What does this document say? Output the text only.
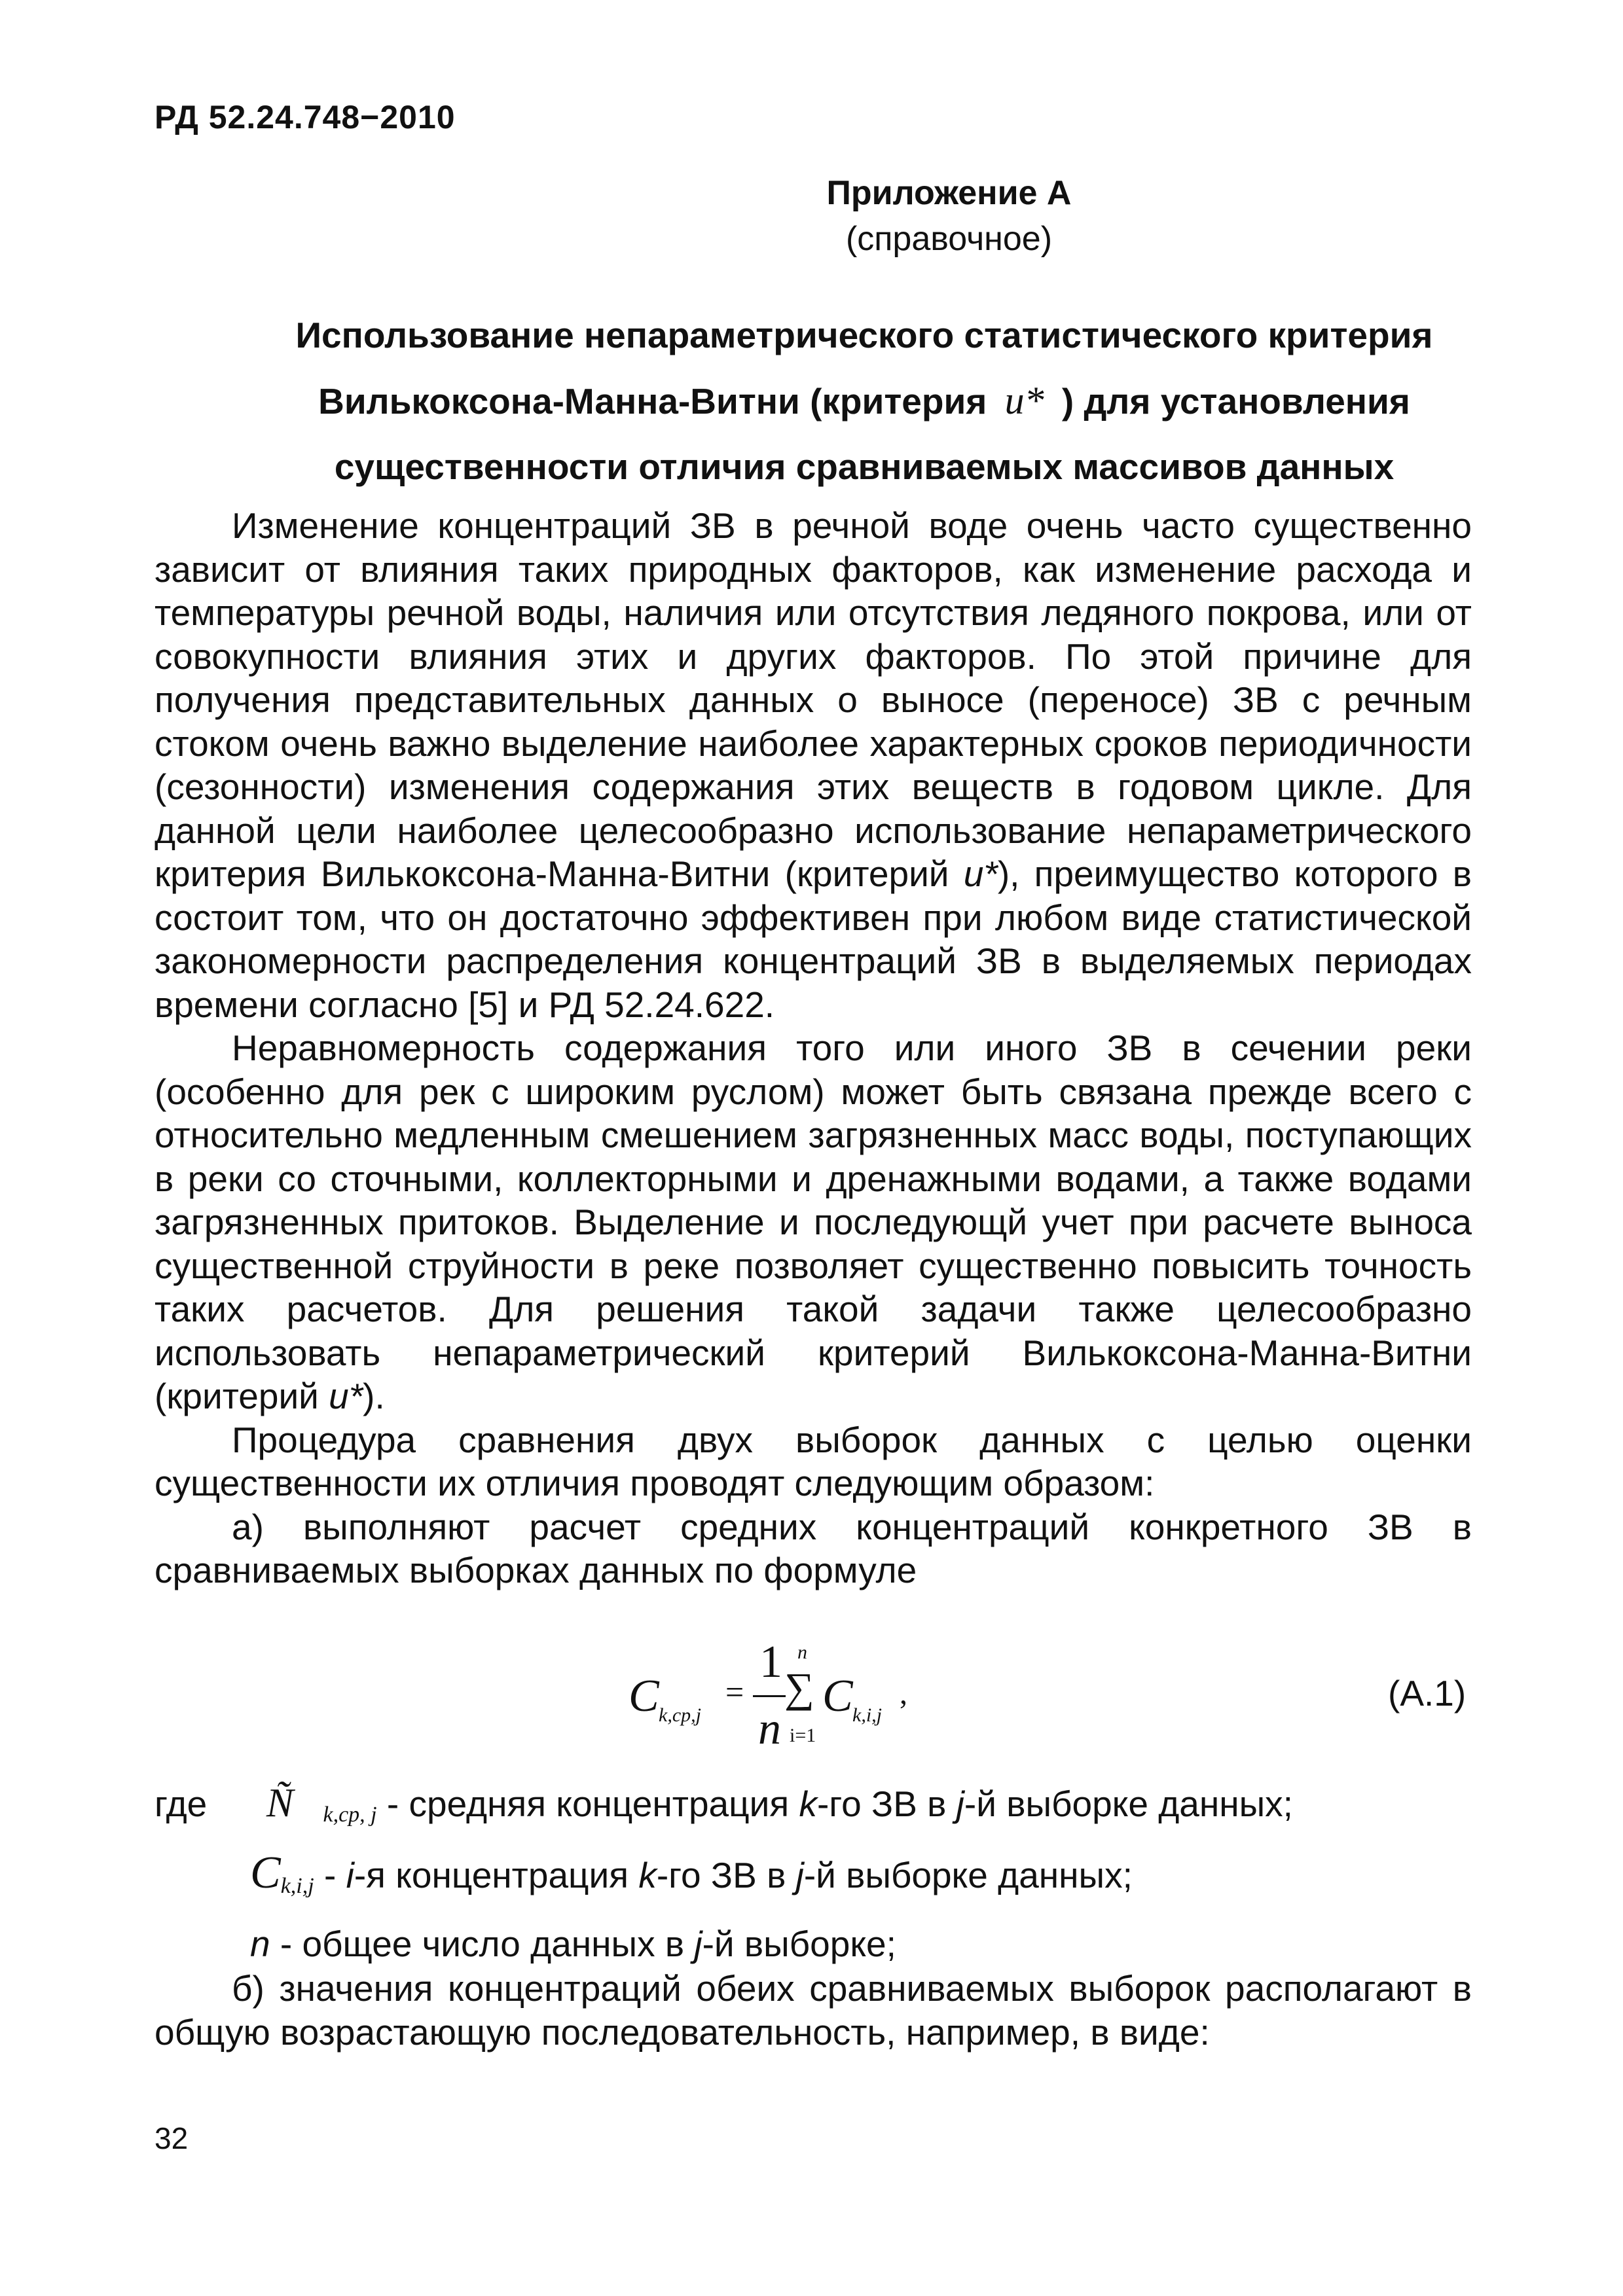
РД 52.24.748−2010
Приложение А
(справочное)
Использование непараметрического статистического критерия
Вилькоксона-Манна-Витни (критерия u* ) для установления
существенности отличия сравниваемых массивов данных

Изменение концентраций ЗВ в речной воде очень часто существенно зависит от влияния таких природных факторов, как изменение расхода и температуры речной воды, наличия или отсутствия ледяного покрова, или от совокупности влияния этих и других факторов. По этой причине для получения представительных данных о выносе (переносе) ЗВ с речным стоком очень важно выделение наиболее характерных сроков периодичности (сезонности) изменения содержания этих веществ в годовом цикле. Для данной цели наиболее целесообразно использование непараметрического критерия Вилькоксона-Манна-Витни (критерий u*), преимущество которого в состоит том, что он достаточно эффективен при любом виде статистической закономерности распределения концентраций ЗВ в выделяемых периодах времени согласно [5] и РД 52.24.622.

Неравномерность содержания того или иного ЗВ в сечении реки (особенно для рек с широким руслом) может быть связана прежде всего с относительно медленным смешением загрязненных масс воды, поступающих в реки со сточными, коллекторными и дренажными водами, а также водами загрязненных притоков. Выделение и последующй учет при расчете выноса существенной струйности в реке позволяет существенно повысить точность таких расчетов. Для решения такой задачи также целесообразно использовать непараметрический критерий Вилькоксона-Манна-Витни (критерий u*).

Процедура сравнения двух выборок данных с целью оценки существенности их отличия проводят следующим образом:

а) выполняют расчет средних концентраций конкретного ЗВ в сравниваемых выборках данных по формуле

C k,cp,j
=
1
n
n
∑
i=1
C k,i,j
,	(А.1)
где Ñ $_{k,cp, j}$ - средняя концентрация k-го ЗВ в j-й выборке данных;
$C_{k,i,j} - i-я$ концентрация k-го ЗВ в j-й выборке данных;
n - общее число данных в j-й выборке;

б) значения концентраций обеих сравниваемых выборок располагают в общую возрастающую последовательность, например, в виде:

32
